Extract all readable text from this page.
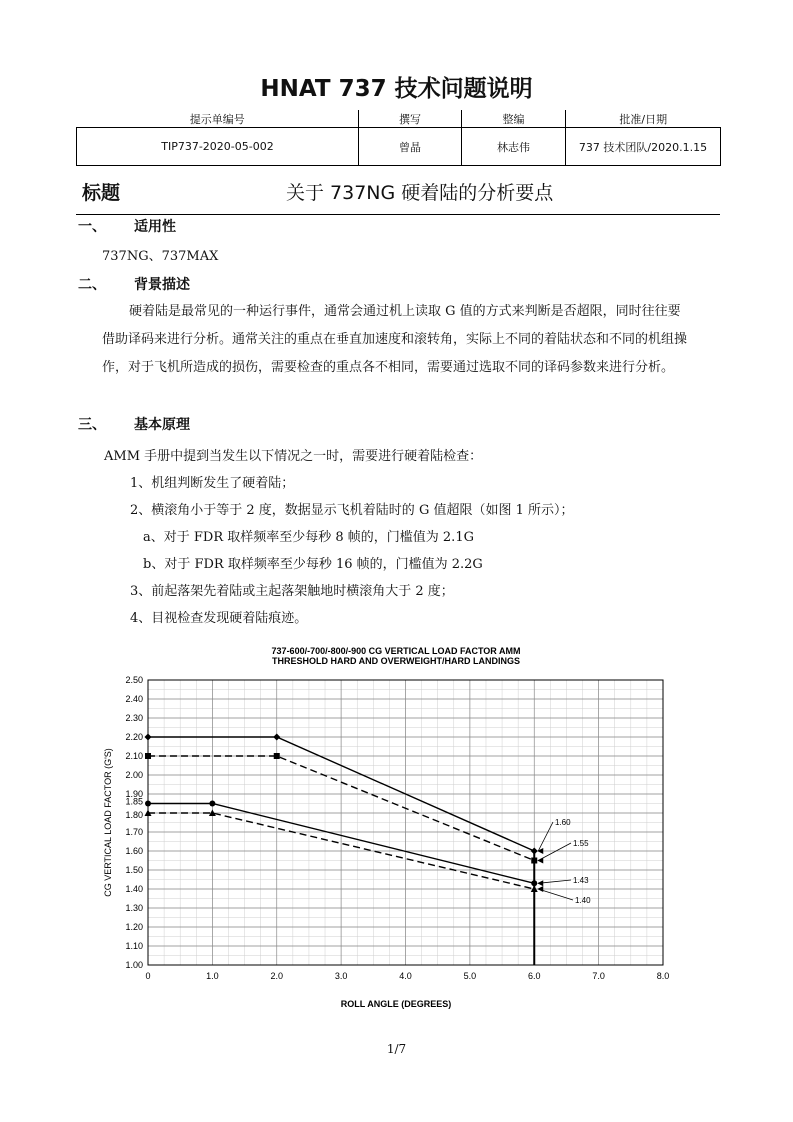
HNAT 737 技术问题说明
提示单编号	撰写	整编	批准/日期
TIP737-2020-05-002	曾晶	林志伟	737 技术团队/2020.1.15
标题	关于 737NG 硬着陆的分析要点
一、 适用性
737NG、737MAX
二、 背景描述
硬着陆是最常见的一种运行事件，通常会通过机上读取 G 值的方式来判断是否超限，同时往往要借助译码来进行分析。通常关注的重点在垂直加速度和滚转角，实际上不同的着陆状态和不同的机组操作，对于飞机所造成的损伤，需要检查的重点各不相同，需要通过选取不同的译码参数来进行分析。
三、 基本原理
AMM 手册中提到当发生以下情况之一时，需要进行硬着陆检查：
1、机组判断发生了硬着陆；
2、横滚角小于等于 2 度，数据显示飞机着陆时的 G 值超限（如图 1 所示）；
a、对于 FDR 取样频率至少每秒 8 帧的，门槛值为 2.1G
b、对于 FDR 取样频率至少每秒 16 帧的，门槛值为 2.2G
3、前起落架先着陆或主起落架触地时横滚角大于 2 度；
4、目视检查发现硬着陆痕迹。
737-600/-700/-800/-900 CG VERTICAL LOAD FACTOR AMM
THRESHOLD HARD AND OVERWEIGHT/HARD LANDINGS
1.00
1.10
1.20
1.30
1.40
1.50
1.60
1.70
1.80
1.85
1.90
2.00
2.10
2.20
2.30
2.40
2.50
0	1.0	2.0	3.0	4.0	5.0	6.0	7.0	8.0
ROLL ANGLE (DEGREES)
CG VERTICAL LOAD FACTOR (G'S)	1.60
1.55
1.43
1.40
1/7
